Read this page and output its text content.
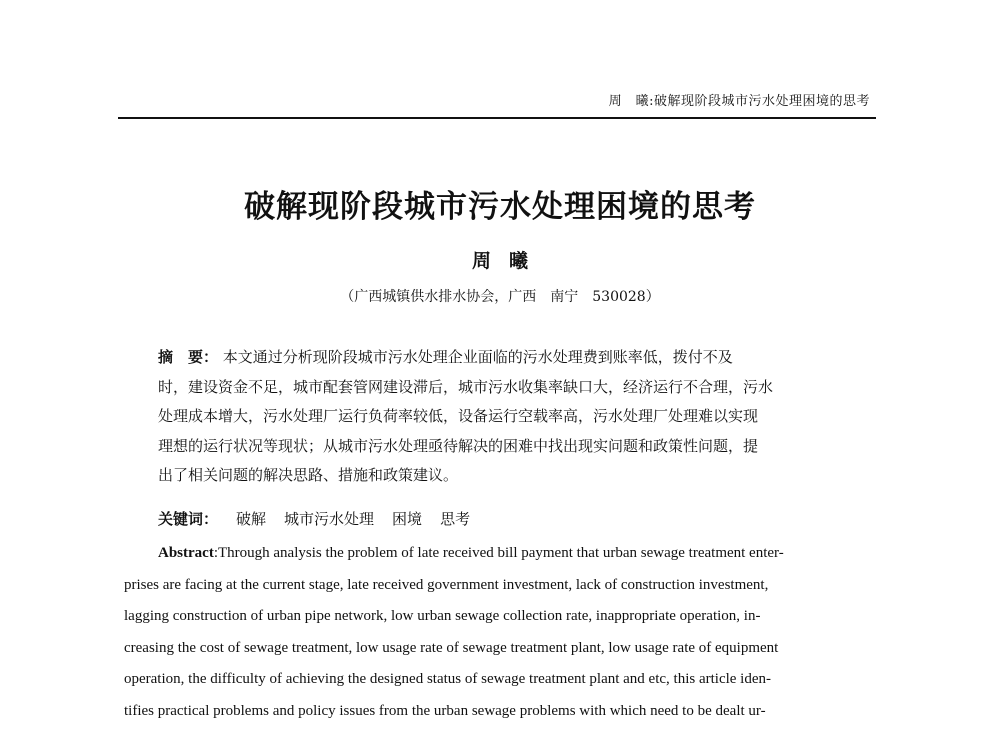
周　曦:破解现阶段城市污水处理困境的思考
破解现阶段城市污水处理困境的思考
周曦
（广西城镇供水排水协会，广西　南宁　530028）

摘　要： 本文通过分析现阶段城市污水处理企业面临的污水处理费到账率低，拨付不及

时，建设资金不足，城市配套管网建设滞后，城市污水收集率缺口大，经济运行不合理，污水

处理成本增大，污水处理厂运行负荷率较低，设备运行空载率高，污水处理厂处理难以实现

理想的运行状况等现状；从城市污水处理亟待解决的困难中找出现实问题和政策性问题，提

出了相关问题的解决思路、措施和政策建议。

关键词： 破解 城市污水处理 困境 思考
Abstract:Through analysis the problem of late received bill payment that urban sewage treatment enter-
prises are facing at the current stage, late received government investment, lack of construction investment,
lagging construction of urban pipe network, low urban sewage collection rate, inappropriate operation, in-
creasing the cost of sewage treatment, low usage rate of sewage treatment plant, low usage rate of equipment
operation, the difficulty of achieving the designed status of sewage treatment plant and etc, this article iden-
tifies practical problems and policy issues from the urban sewage problems with which need to be dealt ur-
